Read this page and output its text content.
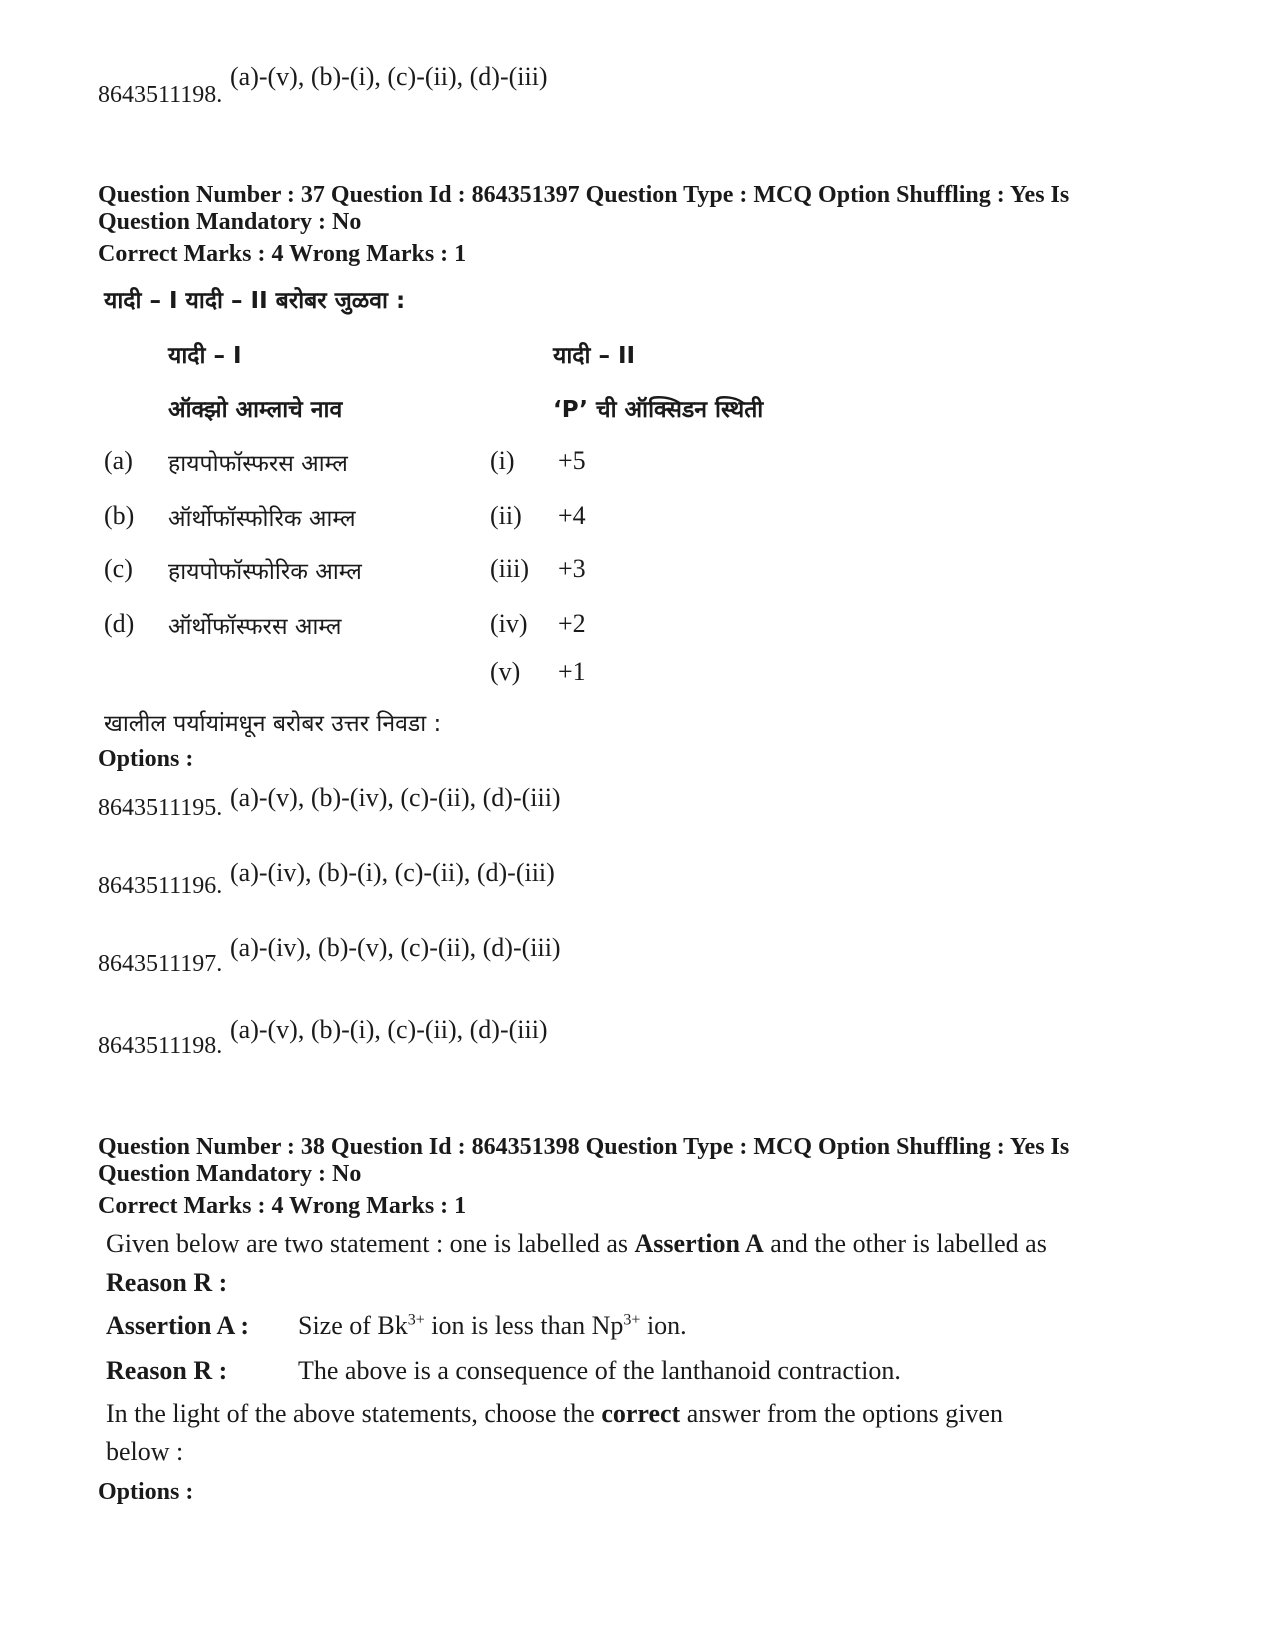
8643511198.
(a)-(v), (b)-(i), (c)-(ii), (d)-(iii)
Question Number : 37 Question Id : 864351397 Question Type : MCQ Option Shuffling : Yes Is
Question Mandatory : No
Correct Marks : 4 Wrong Marks : 1
यादी – I यादी – II बरोबर जुळवा :
यादी – I	यादी – II
ऑक्झो आम्लाचे नाव	‘P’ ची ऑक्सिडन स्थिती
(a) हायपोफॉस्फरस आम्ल	(i) +5
(b) ऑर्थोफॉस्फोरिक आम्ल	(ii) +4
(c) हायपोफॉस्फोरिक आम्ल	(iii) +3
(d) ऑर्थोफॉस्फरस आम्ल	(iv) +2
(v) +1
खालील पर्यायांमधून बरोबर उत्तर निवडा :
Options :
8643511195. (a)-(v), (b)-(iv), (c)-(ii), (d)-(iii)
8643511196. (a)-(iv), (b)-(i), (c)-(ii), (d)-(iii)
8643511197.
(a)-(iv), (b)-(v), (c)-(ii), (d)-(iii)
8643511198.
(a)-(v), (b)-(i), (c)-(ii), (d)-(iii)
Question Number : 38 Question Id : 864351398 Question Type : MCQ Option Shuffling : Yes Is
Question Mandatory : No
Correct Marks : 4 Wrong Marks : 1
Given below are two statement : one is labelled as Assertion A and the other is labelled as
Reason R :
Assertion A : Size of $Bk^{3+}$ ion is less than $Np^{3+}$ ion.
Reason R :	The above is a consequence of the lanthanoid contraction.
In the light of the above statements, choose the correct answer from the options given
below :
Options :
